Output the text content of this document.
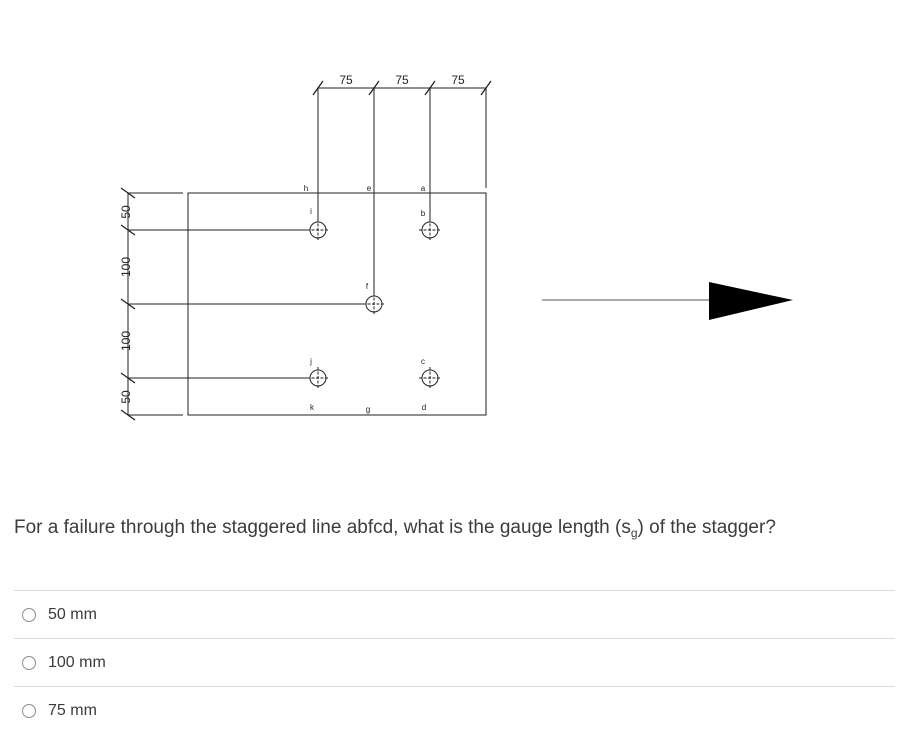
50
100
100
50
75	75	75
h	e	a
i	b
f
j	c
k	g	d
For a failure through the staggered line abfcd, what is the gauge length $(s_g)$ of the stagger?
50 mm
100 mm
75 mm
